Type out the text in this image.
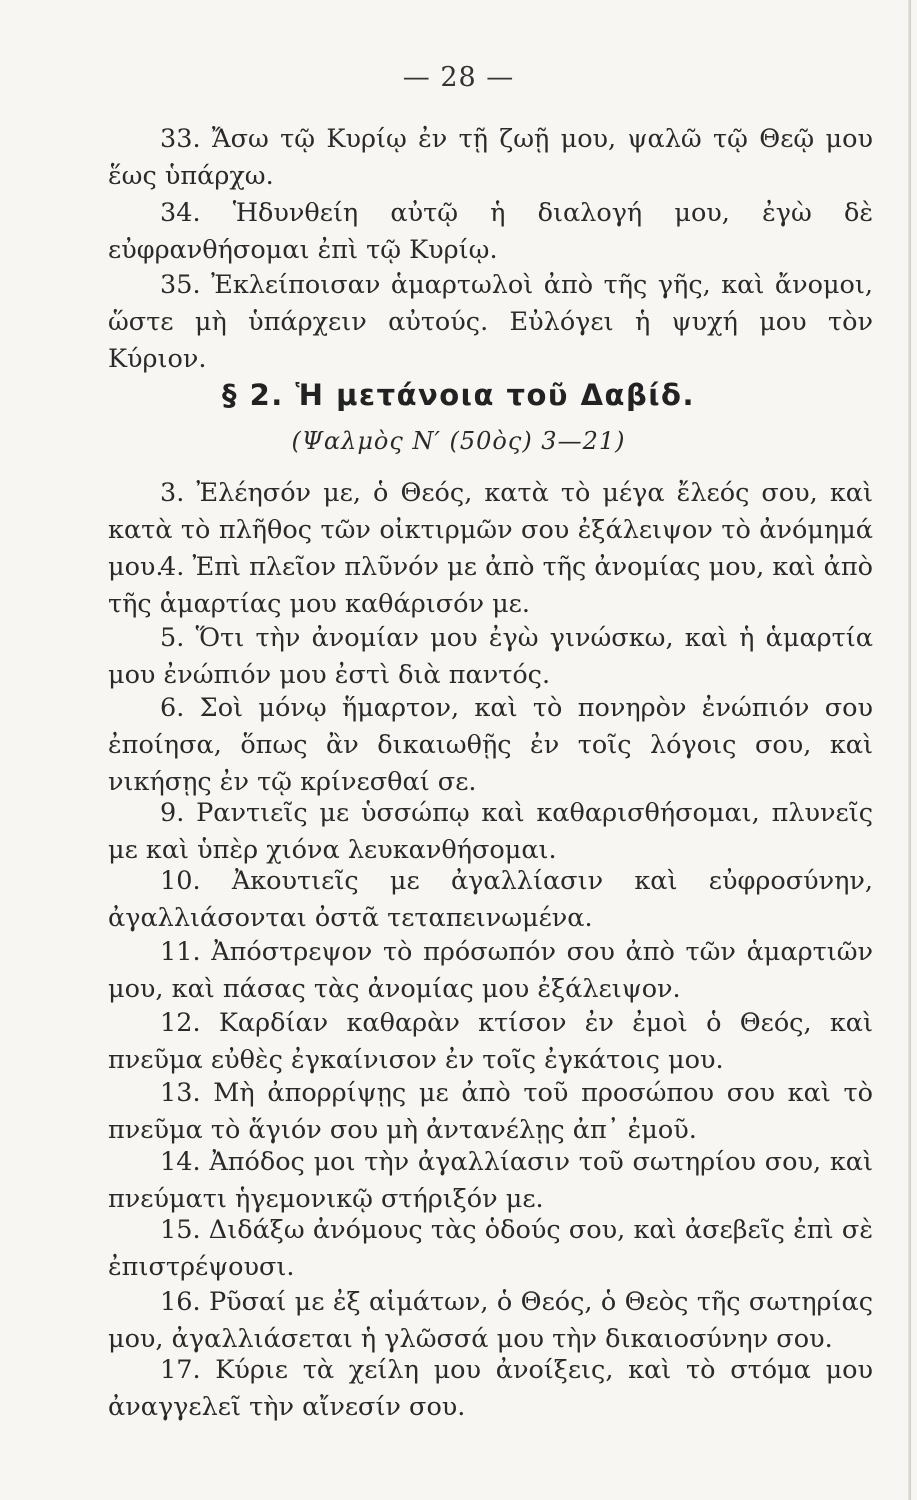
— 28 —

33. Ἄσω τῷ Κυρίῳ ἐν τῇ ζωῇ μου, ψαλῶ τῷ Θεῷ μου ἕως ὑπάρχω.

34. Ἡδυνθείη αὐτῷ ἡ διαλογή μου, ἐγὼ δὲ εὐφρανθήσομαι ἐπὶ τῷ Κυρίῳ.

35. Ἐκλείποισαν ἁμαρτωλοὶ ἀπὸ τῆς γῆς, καὶ ἄνομοι, ὥστε μὴ ὑπάρχειν αὐτούς. Εὐλόγει ἡ ψυχή μου τὸν Κύριον.

§ 2. Ἡ μετάνοια τοῦ Δαβίδ.
(Ψαλμὸς Ν′ (50ὸς) 3—21)

3. Ἐλέησόν με, ὁ Θεός, κατὰ τὸ μέγα ἔλεός σου, καὶ κατὰ τὸ πλῆθος τῶν οἰκτιρμῶν σου ἐξάλειψον τὸ ἀνόμημά μου.

4. Ἐπὶ πλεῖον πλῦνόν με ἀπὸ τῆς ἀνομίας μου, καὶ ἀπὸ τῆς ἁμαρτίας μου καθάρισόν με.

5. Ὅτι τὴν ἀνομίαν μου ἐγὼ γινώσκω, καὶ ἡ ἁμαρτία μου ἐνώπιόν μου ἐστὶ διὰ παντός.

6. Σοὶ μόνῳ ἥμαρτον, καὶ τὸ πονηρὸν ἐνώπιόν σου ἐποίησα, ὅπως ἂν δικαιωθῇς ἐν τοῖς λόγοις σου, καὶ νικήσῃς ἐν τῷ κρίνεσθαί σε.

9. Ραντιεῖς με ὑσσώπῳ καὶ καθαρισθήσομαι, πλυνεῖς με καὶ ὑπὲρ χιόνα λευκανθήσομαι.

10. Ἀκουτιεῖς με ἀγαλλίασιν καὶ εὐφροσύνην, ἀγαλλιάσονται ὀστᾶ τεταπεινωμένα.

11. Ἀπόστρεψον τὸ πρόσωπόν σου ἀπὸ τῶν ἁμαρτιῶν μου, καὶ πάσας τὰς ἀνομίας μου ἐξάλειψον.

12. Καρδίαν καθαρὰν κτίσον ἐν ἐμοὶ ὁ Θεός, καὶ πνεῦμα εὐθὲς ἐγκαίνισον ἐν τοῖς ἐγκάτοις μου.

13. Μὴ ἀπορρίψῃς με ἀπὸ τοῦ προσώπου σου καὶ τὸ πνεῦμα τὸ ἅγιόν σου μὴ ἀντανέλῃς ἀπ᾿ ἐμοῦ.

14. Ἀπόδος μοι τὴν ἀγαλλίασιν τοῦ σωτηρίου σου, καὶ πνεύματι ἡγεμονικῷ στήριξόν με.

15. Διδάξω ἀνόμους τὰς ὁδούς σου, καὶ ἀσεβεῖς ἐπὶ σὲ ἐπιστρέψουσι.

16. Ρῦσαί με ἐξ αἱμάτων, ὁ Θεός, ὁ Θεὸς τῆς σωτηρίας μου, ἀγαλλιάσεται ἡ γλῶσσά μου τὴν δικαιοσύνην σου.

17. Κύριε τὰ χείλη μου ἀνοίξεις, καὶ τὸ στόμα μου ἀναγγελεῖ τὴν αἴνεσίν σου.
